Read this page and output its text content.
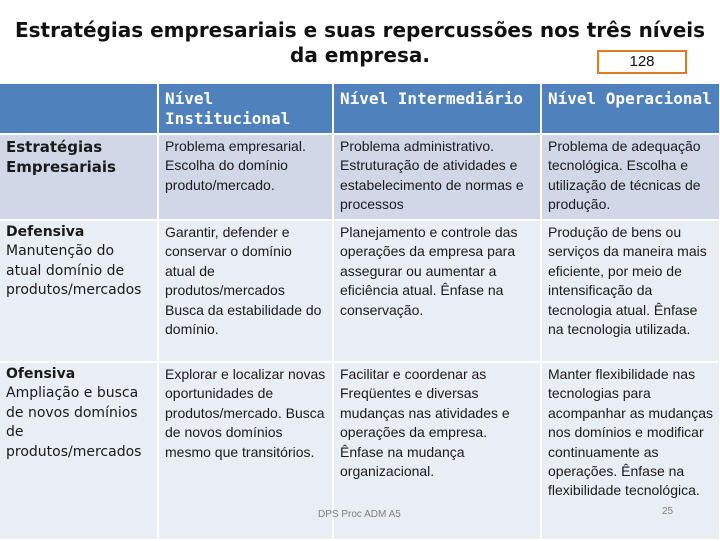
Estratégias empresariais e suas repercussões nos três níveis da empresa.	128
	Nível Institucional	Nível Intermediário	Nível Operacional

Estratégias Empresariais	Problema empresarial. Escolha do domínio produto/mercado.	Problema administrativo. Estruturação de atividades e estabelecimento de normas e processos	Problema de adequação tecnológica. Escolha e utilização de técnicas de produção.

Defensiva
Manutenção do atual domínio de produtos/mercados	Garantir, defender e conservar o domínio atual de produtos/mercados Busca da estabilidade do domínio.	Planejamento e controle das operações da empresa para assegurar ou aumentar a eficiência atual. Ênfase na conservação.	Produção de bens ou serviços da maneira mais eficiente, por meio de intensificação da tecnologia atual. Ênfase na tecnologia utilizada.

Ofensiva
Ampliação e busca de novos domínios de produtos/mercados	Explorar e localizar novas oportunidades de produtos/mercado. Busca de novos domínios mesmo que transitórios.	Facilitar e coordenar as Freqüentes e diversas mudanças nas atividades e operações da empresa. Ênfase na mudança organizacional.	Manter flexibilidade nas tecnologias para acompanhar as mudanças nos domínios e modificar continuamente as operações. Ênfase na flexibilidade tecnológica.
DPS Proc ADM A5	25
